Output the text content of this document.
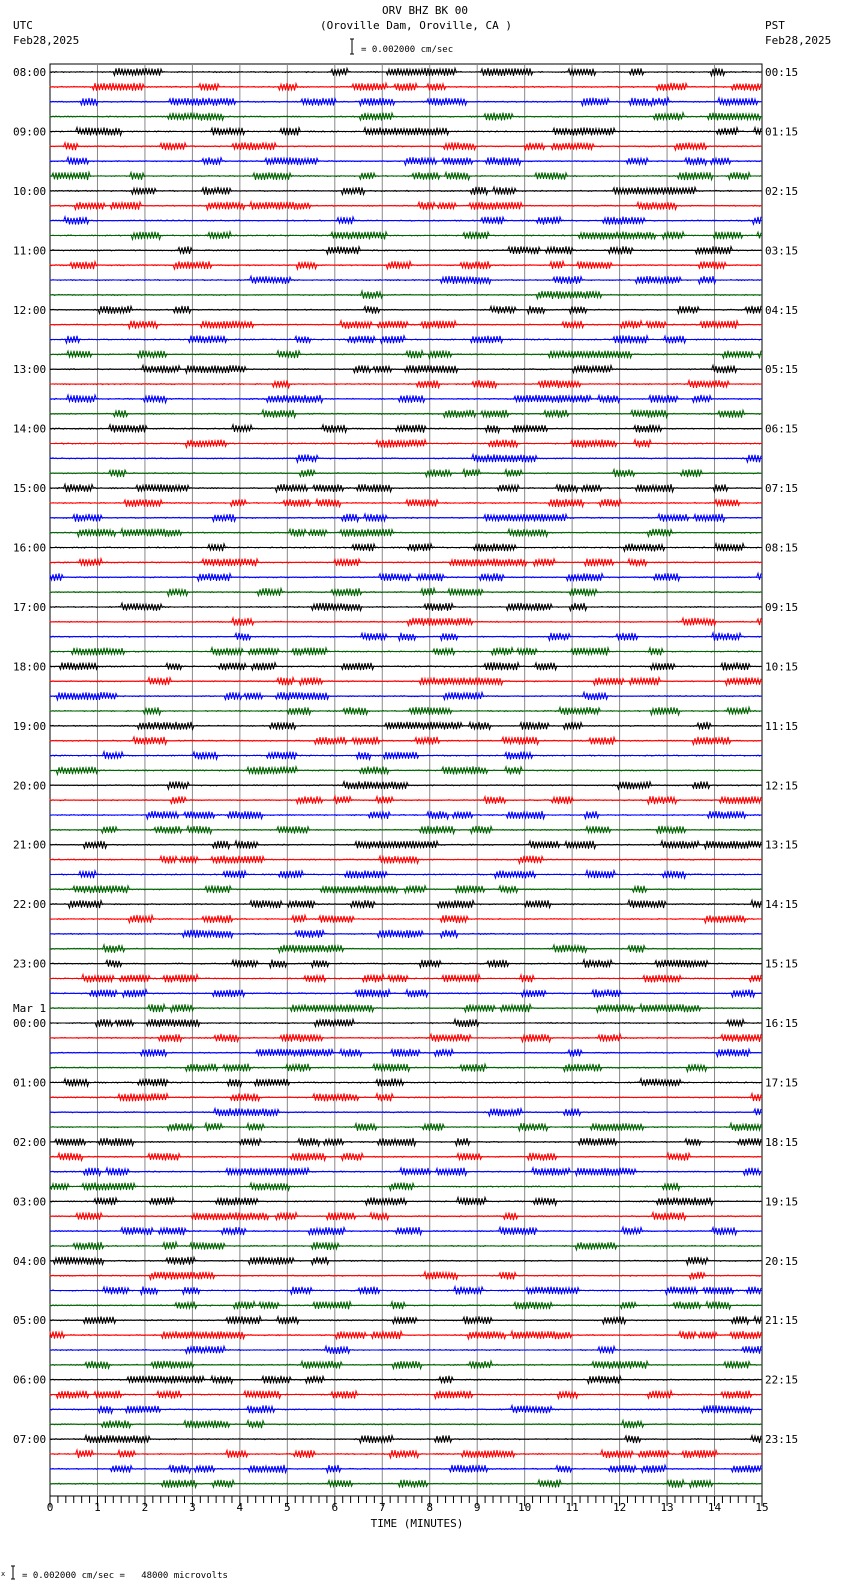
ORV BHZ BK 00
(Oroville Dam, Oroville, CA )
UTC
Feb28,2025
PST
Feb28,2025
= 0.002000 cm/sec
08:00	00:15
09:00	01:15
10:00	02:15
11:00	03:15
12:00	04:15
13:00	05:15
14:00	06:15
15:00	07:15
16:00	08:15
17:00	09:15
18:00	10:15
19:00	11:15
20:00	12:15
21:00	13:15
22:00	14:15
23:00	15:15
00:00	16:15
01:00	17:15
02:00	18:15
03:00	19:15
04:00	20:15
05:00	21:15
06:00	22:15
07:00	23:15
Mar 1
0	1	2	3	4	5	6	7	8	9	10	11	12	13	14	15
TIME (MINUTES)
x = 0.002000 cm/sec =   48000 microvolts
